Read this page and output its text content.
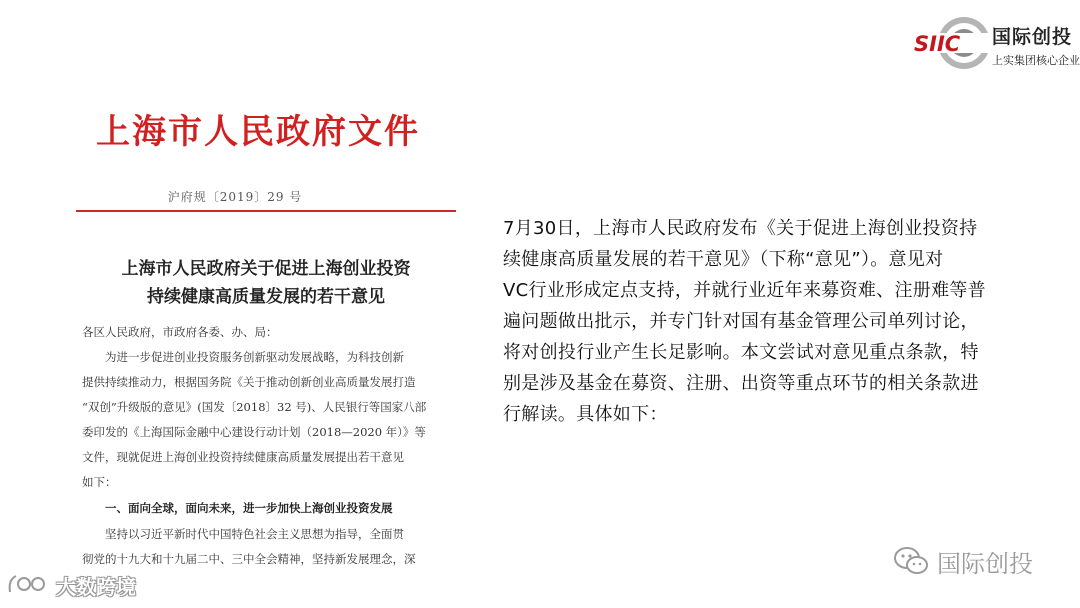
SIIC 国际创投
上实集团核心企业
上海市人民政府文件
沪府规〔2019〕29 号
上海市人民政府关于促进上海创业投资
持续健康高质量发展的若干意见
各区人民政府，市政府各委、办、局：
　　为进一步促进创业投资服务创新驱动发展战略，为科技创新
提供持续推动力，根据国务院《关于推动创新创业高质量发展打造
“双创”升级版的意见》(国发〔2018〕32 号)、人民银行等国家八部
委印发的《上海国际金融中心建设行动计划（2018—2020 年）》等
文件，现就促进上海创业投资持续健康高质量发展提出若干意见
如下：
　　一、面向全球，面向未来，进一步加快上海创业投资发展
　　坚持以习近平新时代中国特色社会主义思想为指导，全面贯
彻党的十九大和十九届二中、三中全会精神，坚持新发展理念，深
7月30日，上海市人民政府发布《关于促进上海创业投资持
续健康高质量发展的若干意见》（下称“意见”）。意见对
VC行业形成定点支持，并就行业近年来募资难、注册难等普
遍问题做出批示，并专门针对国有基金管理公司单列讨论，
将对创投行业产生长足影响。本文尝试对意见重点条款，特
别是涉及基金在募资、注册、出资等重点环节的相关条款进
行解读。具体如下：
国际创投
大数跨境
